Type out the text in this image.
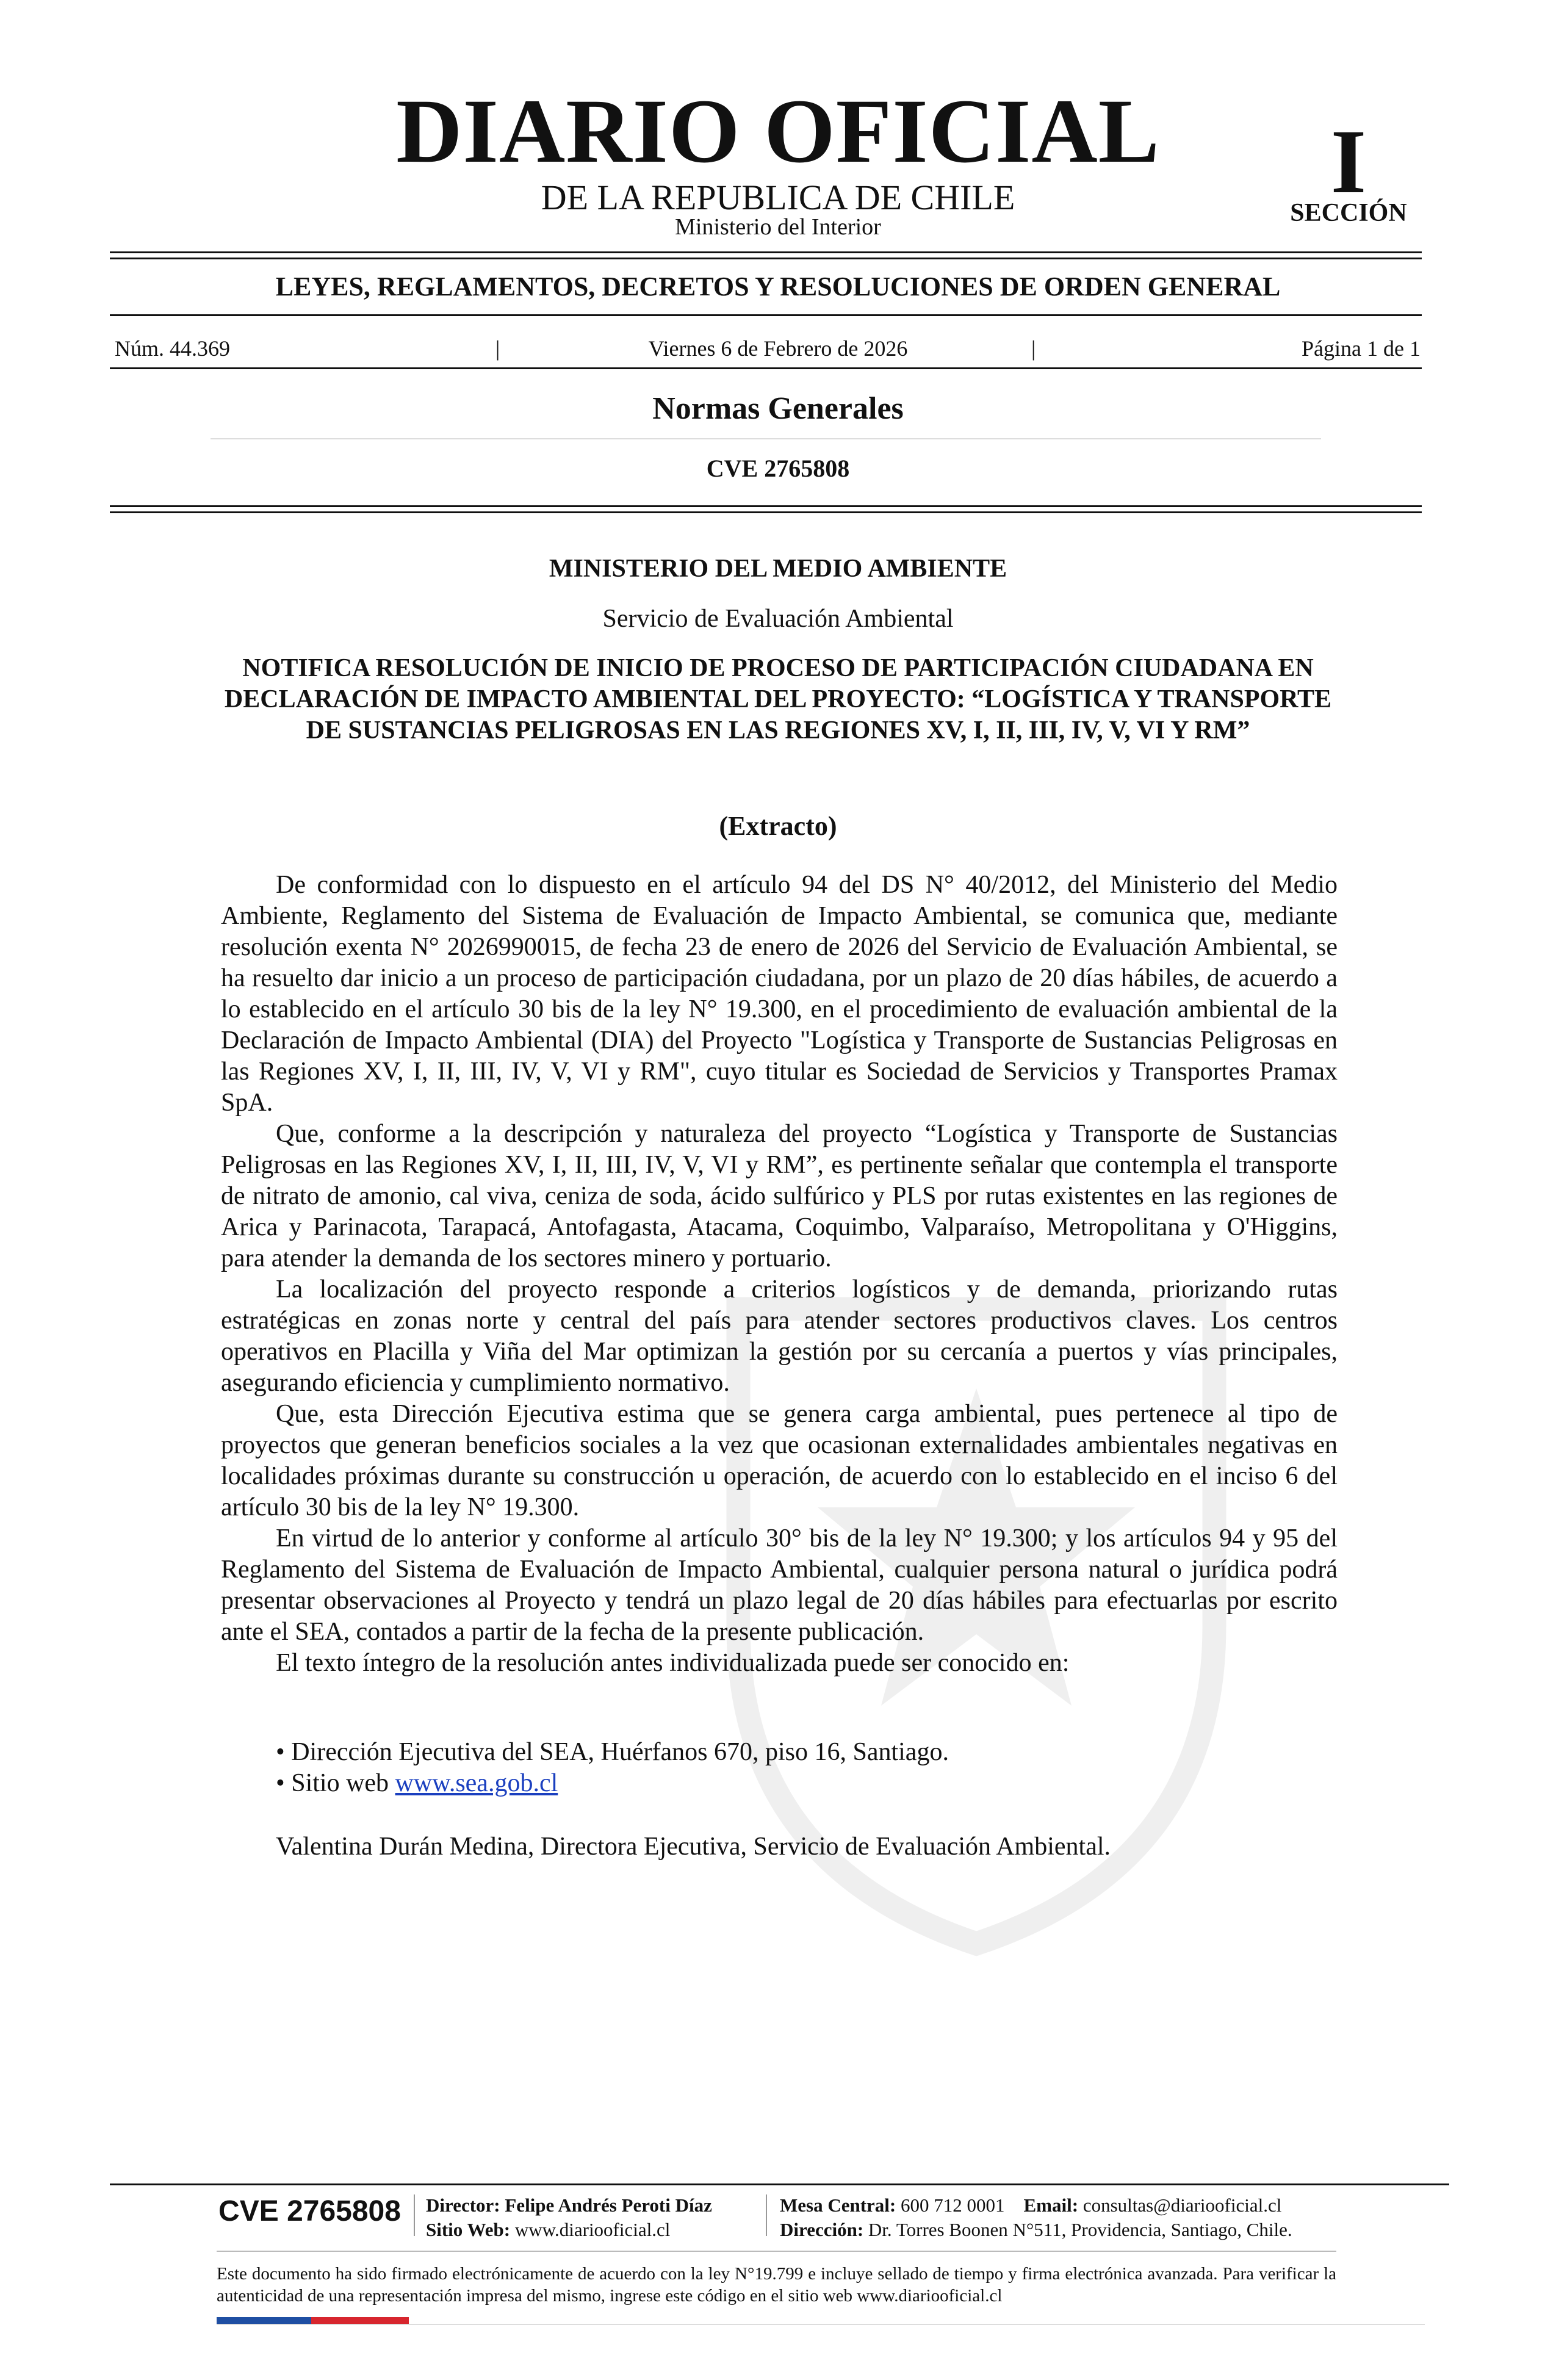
DIARIO OFICIAL
DE LA REPUBLICA DE CHILE
Ministerio del Interior
I
SECCIÓN
LEYES, REGLAMENTOS, DECRETOS Y RESOLUCIONES DE ORDEN GENERAL
Núm. 44.369	|	Viernes 6 de Febrero de 2026	|	Página 1 de 1
Normas Generales
CVE 2765808
MINISTERIO DEL MEDIO AMBIENTE
Servicio de Evaluación Ambiental
NOTIFICA RESOLUCIÓN DE INICIO DE PROCESO DE PARTICIPACIÓN CIUDADANA EN DECLARACIÓN DE IMPACTO AMBIENTAL DEL PROYECTO: “LOGÍSTICA Y TRANSPORTE DE SUSTANCIAS PELIGROSAS EN LAS REGIONES XV, I, II, III, IV, V, VI Y RM”
(Extracto)

De conformidad con lo dispuesto en el artículo 94 del DS N° 40/2012, del Ministerio del Medio Ambiente, Reglamento del Sistema de Evaluación de Impacto Ambiental, se comunica que, mediante resolución exenta N° 2026990015, de fecha 23 de enero de 2026 del Servicio de Evaluación Ambiental, se ha resuelto dar inicio a un proceso de participación ciudadana, por un plazo de 20 días hábiles, de acuerdo a lo establecido en el artículo 30 bis de la ley N° 19.300, en el procedimiento de evaluación ambiental de la Declaración de Impacto Ambiental (DIA) del Proyecto "Logística y Transporte de Sustancias Peligrosas en las Regiones XV, I, II, III, IV, V, VI y RM", cuyo titular es Sociedad de Servicios y Transportes Pramax SpA.

Que, conforme a la descripción y naturaleza del proyecto “Logística y Transporte de Sustancias Peligrosas en las Regiones XV, I, II, III, IV, V, VI y RM”, es pertinente señalar que contempla el transporte de nitrato de amonio, cal viva, ceniza de soda, ácido sulfúrico y PLS por rutas existentes en las regiones de Arica y Parinacota, Tarapacá, Antofagasta, Atacama, Coquimbo, Valparaíso, Metropolitana y O'Higgins, para atender la demanda de los sectores minero y portuario.

La localización del proyecto responde a criterios logísticos y de demanda, priorizando rutas estratégicas en zonas norte y central del país para atender sectores productivos claves. Los centros operativos en Placilla y Viña del Mar optimizan la gestión por su cercanía a puertos y vías principales, asegurando eficiencia y cumplimiento normativo.

Que, esta Dirección Ejecutiva estima que se genera carga ambiental, pues pertenece al tipo de proyectos que generan beneficios sociales a la vez que ocasionan externalidades ambientales negativas en localidades próximas durante su construcción u operación, de acuerdo con lo establecido en el inciso 6 del artículo 30 bis de la ley N° 19.300.

En virtud de lo anterior y conforme al artículo 30° bis de la ley N° 19.300; y los artículos 94 y 95 del Reglamento del Sistema de Evaluación de Impacto Ambiental, cualquier persona natural o jurídica podrá presentar observaciones al Proyecto y tendrá un plazo legal de 20 días hábiles para efectuarlas por escrito ante el SEA, contados a partir de la fecha de la presente publicación.

El texto íntegro de la resolución antes individualizada puede ser conocido en:

• Dirección Ejecutiva del SEA, Huérfanos 670, piso 16, Santiago.
• Sitio web www.sea.gob.cl
Valentina Durán Medina, Directora Ejecutiva, Servicio de Evaluación Ambiental.
CVE 2765808	Director: Felipe Andrés Peroti Díaz
Sitio Web: www.diariooficial.cl
Mesa Central: 600 712 0001 Email: consultas@diariooficial.cl
Dirección: Dr. Torres Boonen N°511, Providencia, Santiago, Chile.
Este documento ha sido firmado electrónicamente de acuerdo con la ley N°19.799 e incluye sellado de tiempo y firma electrónica avanzada. Para verificar la autenticidad de una representación impresa del mismo, ingrese este código en el sitio web www.diariooficial.cl
